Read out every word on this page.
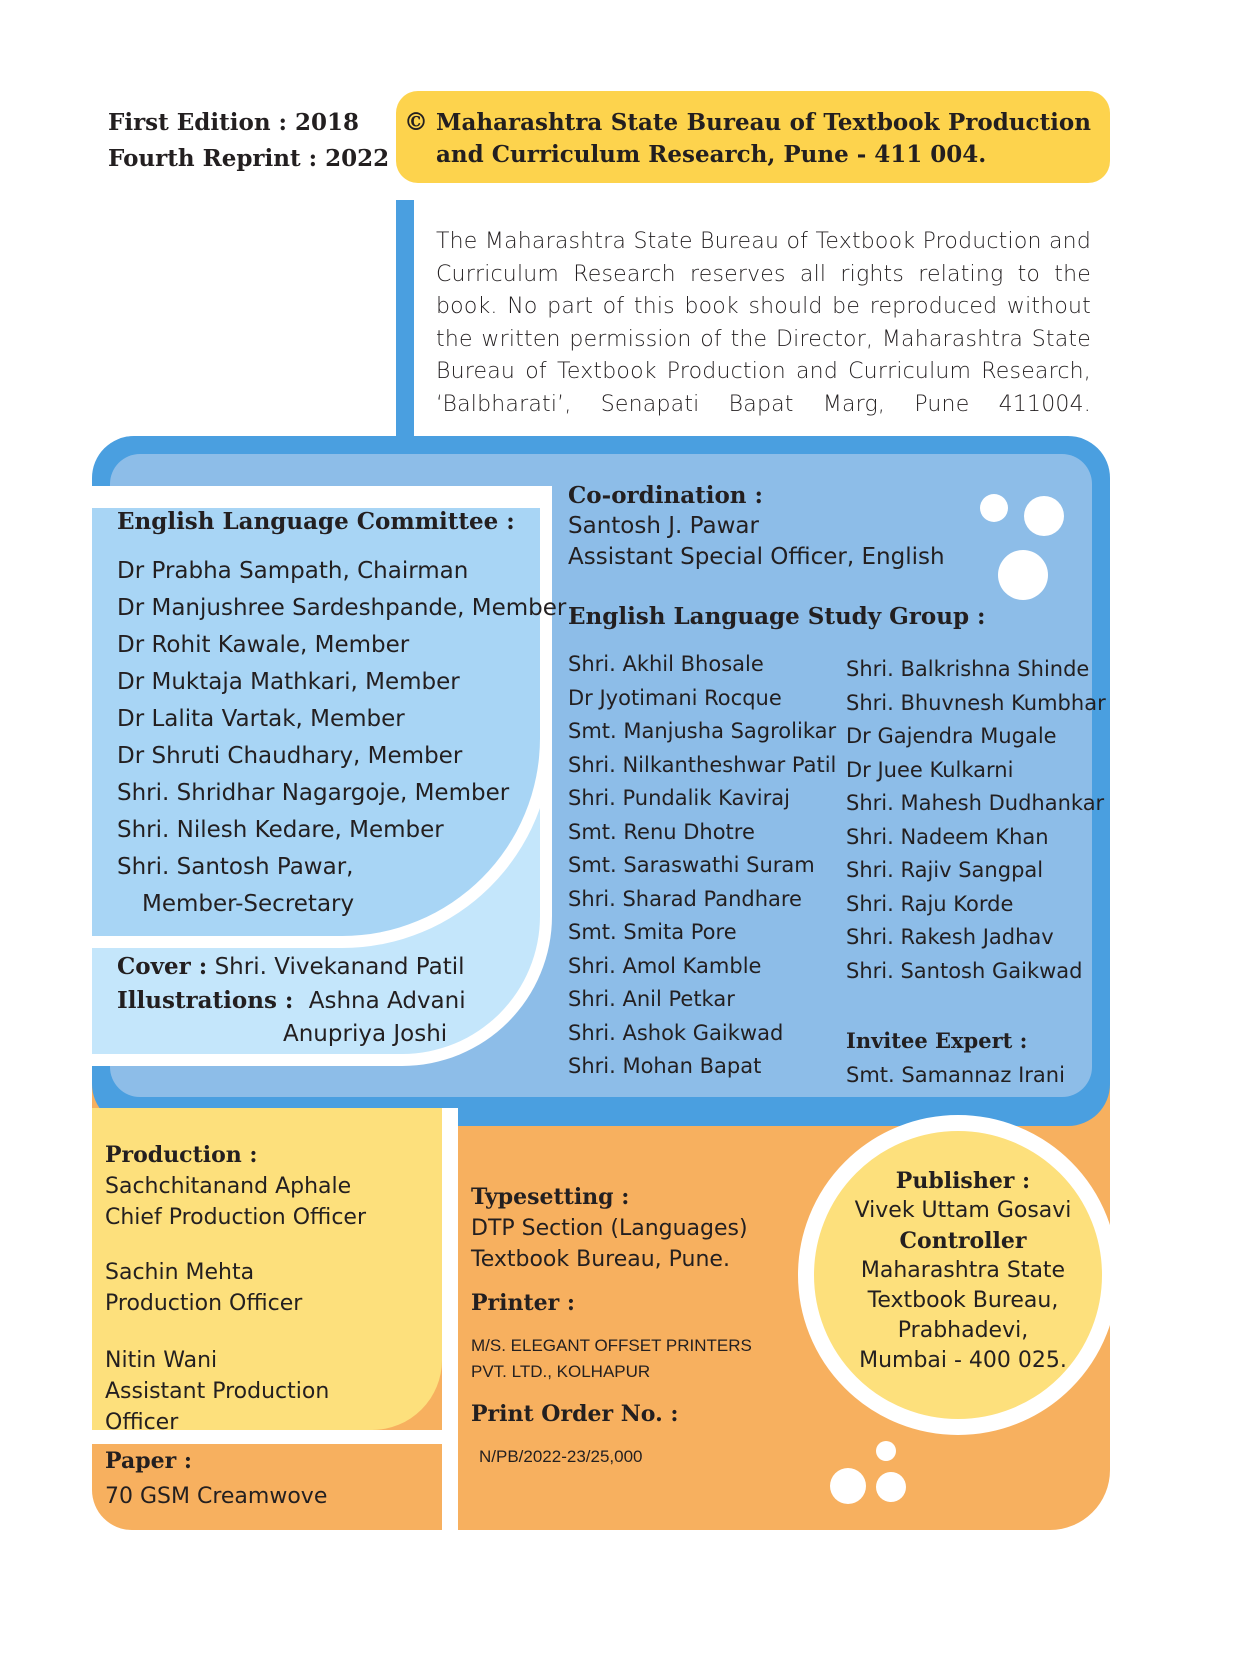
First Edition : 2018
Fourth Reprint : 2022
© Maharashtra State Bureau of Textbook Production and Curriculum Research, Pune - 411 004.
The Maharashtra State Bureau of Textbook Production and Curriculum Research reserves all rights relating to the book. No part of this book should be reproduced without the written permission of the Director, Maharashtra State Bureau of Textbook Production and Curriculum Research, ‘Balbharati’, Senapati Bapat Marg, Pune 411004.
English Language Committee :
Dr Prabha Sampath, Chairman
Dr Manjushree Sardeshpande, Member
Dr Rohit Kawale, Member
Dr Muktaja Mathkari, Member
Dr Lalita Vartak, Member
Dr Shruti Chaudhary, Member
Shri. Shridhar Nagargoje, Member
Shri. Nilesh Kedare, Member
Shri. Santosh Pawar,
Member-Secretary
Cover : Shri. Vivekanand Patil
Illustrations : Ashna Advani
Anupriya Joshi
Co-ordination :
Santosh J. Pawar
Assistant Special Officer, English
English Language Study Group :
Shri. Akhil Bhosale
Dr Jyotimani Rocque
Smt. Manjusha Sagrolikar
Shri. Nilkantheshwar Patil
Shri. Pundalik Kaviraj
Smt. Renu Dhotre
Smt. Saraswathi Suram
Shri. Sharad Pandhare
Smt. Smita Pore
Shri. Amol Kamble
Shri. Anil Petkar
Shri. Ashok Gaikwad
Shri. Mohan Bapat
Shri. Balkrishna Shinde
Shri. Bhuvnesh Kumbhar
Dr Gajendra Mugale
Dr Juee Kulkarni
Shri. Mahesh Dudhankar
Shri. Nadeem Khan
Shri. Rajiv Sangpal
Shri. Raju Korde
Shri. Rakesh Jadhav
Shri. Santosh Gaikwad
Invitee Expert :
Smt. Samannaz Irani
Production :
Sachchitanand Aphale
Chief Production Officer
Sachin Mehta
Production Officer
Nitin Wani
Assistant Production
Officer
Paper :
70 GSM Creamwove
Typesetting :
DTP Section (Languages)
Textbook Bureau, Pune.
Printer :
M/S. ELEGANT OFFSET PRINTERS
PVT. LTD., KOLHAPUR
Print Order No. :
N/PB/2022-23/25,000
Publisher :
Vivek Uttam Gosavi
Controller
Maharashtra State
Textbook Bureau,
Prabhadevi,
Mumbai - 400 025.
